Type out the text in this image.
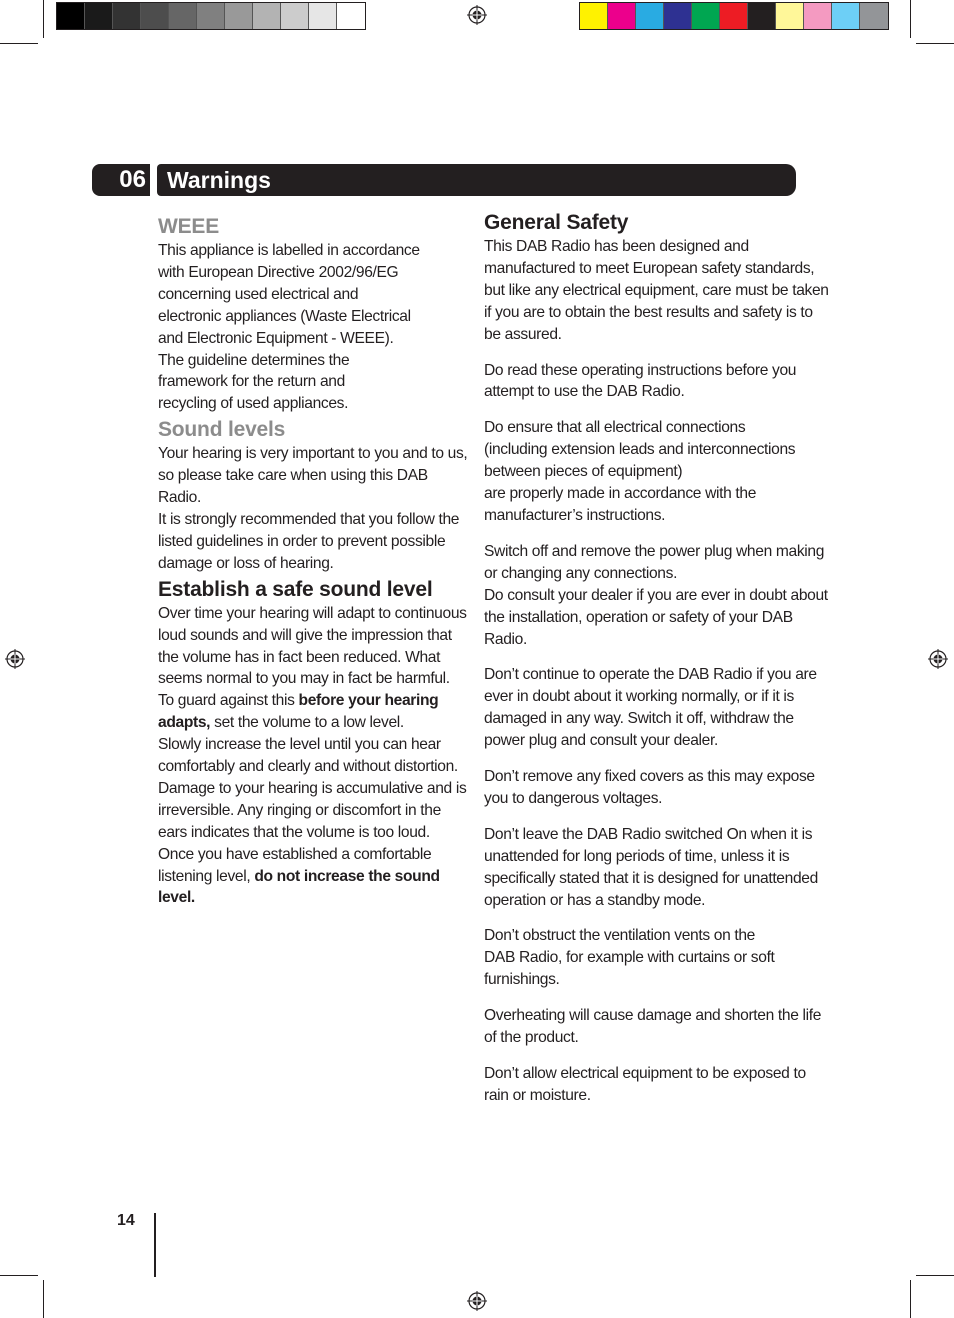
06 Warnings
WEEE

This appliance is labelled in accordance
with European Directive 2002/96/EG
concerning used electrical and
electronic appliances (Waste Electrical
and Electronic Equipment - WEEE).
The guideline determines the
framework for the return and
recycling of used appliances.

Sound levels

Your hearing is very important to you and to us, so please take care when using this DAB Radio.
It is strongly recommended that you follow the listed guidelines in order to prevent possible damage or loss of hearing.

Establish a safe sound level

Over time your hearing will adapt to continuous loud sounds and will give the impression that the volume has in fact been reduced. What seems normal to you may in fact be harmful. To guard against this before your hearing adapts, set the volume to a low level.

Slowly increase the level until you can hear comfortably and clearly and without distortion.
Damage to your hearing is accumulative and is irreversible. Any ringing or discomfort in the ears indicates that the volume is too loud.

Once you have established a comfortable listening level, do not increase the sound level.

General Safety

This DAB Radio has been designed and manufactured to meet European safety standards, but like any electrical equipment, care must be taken if you are to obtain the best results and safety is to be assured.

Do read these operating instructions before you attempt to use the DAB Radio.

Do ensure that all electrical connections
(including extension leads and interconnections between pieces of equipment)
are properly made in accordance with the manufacturer’s instructions.

Switch off and remove the power plug when making or changing any connections.
Do consult your dealer if you are ever in doubt about the installation, operation or safety of your DAB Radio.

Don’t continue to operate the DAB Radio if you are ever in doubt about it working normally, or if it is damaged in any way. Switch it off, withdraw the power plug and consult your dealer.

Don’t remove any fixed covers as this may expose you to dangerous voltages.

Don’t leave the DAB Radio switched On when it is unattended for long periods of time, unless it is specifically stated that it is designed for unattended operation or has a standby mode.

Don’t obstruct the ventilation vents on the
DAB Radio, for example with curtains or soft furnishings.

Overheating will cause damage and shorten the life of the product.

Don’t allow electrical equipment to be exposed to rain or moisture.

14
